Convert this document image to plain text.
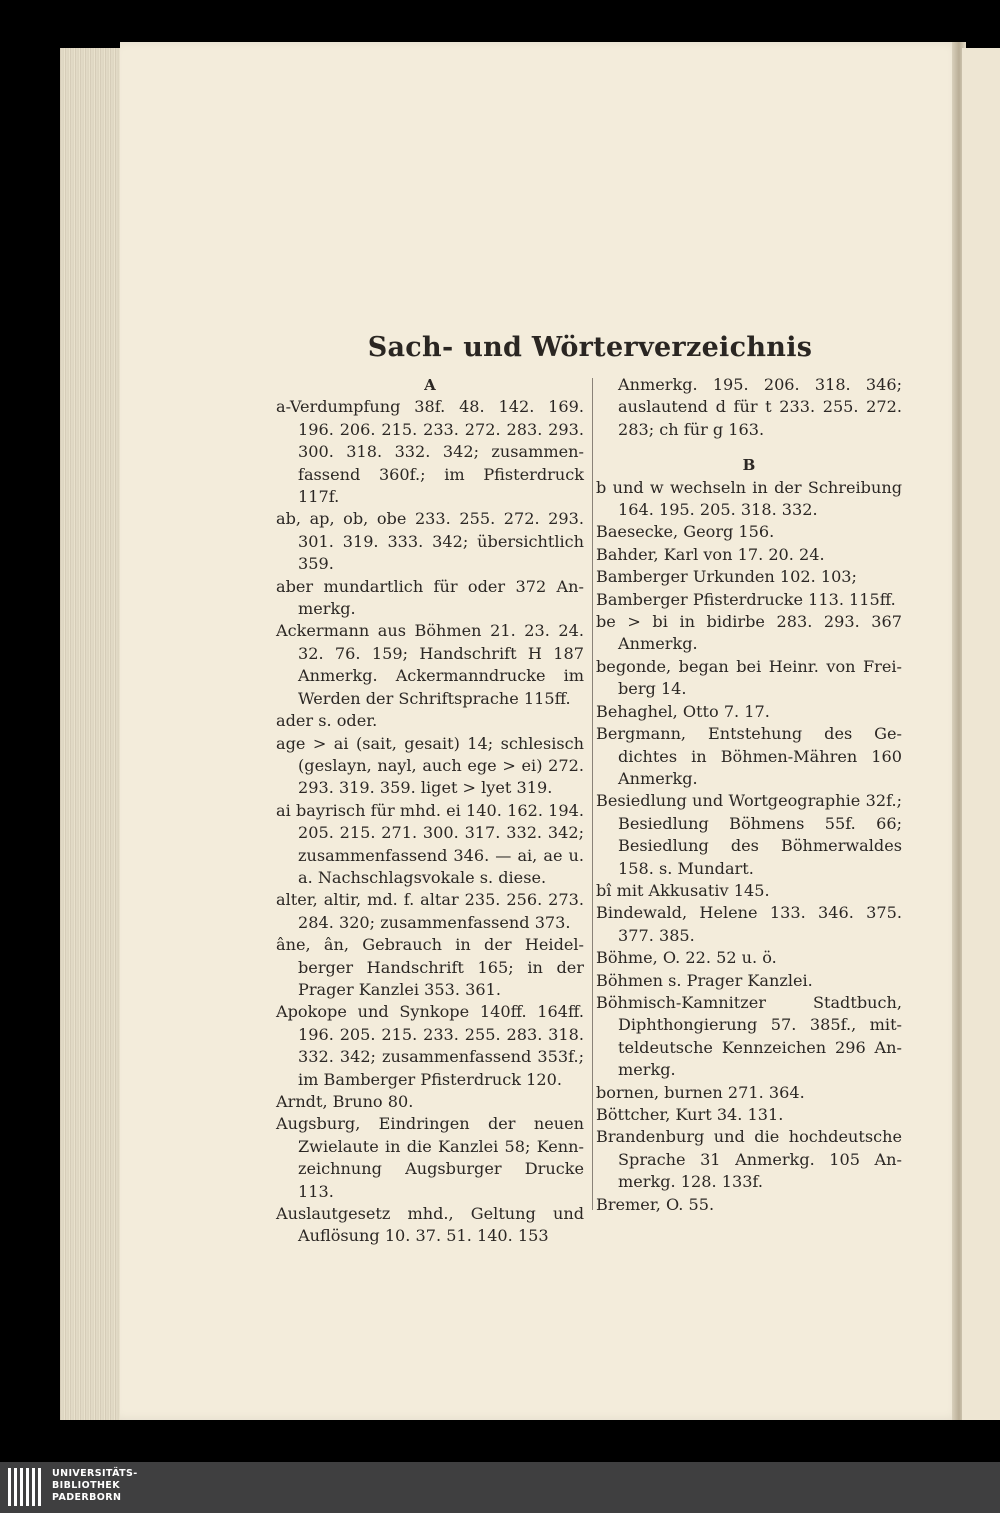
Sach- und Wörterverzeichnis
A
a-Verdumpfung 38f. 48. 142. 169. 196. 206. 215. 233. 272. 283. 293. 300. 318. 332. 342; zusammenfassend 360f.; im Pfisterdruck 117f.
ab, ap, ob, obe 233. 255. 272. 293. 301. 319. 333. 342; übersichtlich 359.
aber mundartlich für oder 372 Anmerkg.
Ackermann aus Böhmen 21. 23. 24. 32. 76. 159; Handschrift H 187 Anmerkg. Ackermanndrucke im Werden der Schriftsprache 115ff.
ader s. oder.
age > ai (sait, gesait) 14; schlesisch (geslayn, nayl, auch ege > ei) 272. 293. 319. 359. liget > lyet 319.
ai bayrisch für mhd. ei 140. 162. 194. 205. 215. 271. 300. 317. 332. 342; zusammenfassend 346. — ai, ae u. a. Nachschlagsvokale s. diese.
alter, altir, md. f. altar 235. 256. 273. 284. 320; zusammenfassend 373.
âne, ân, Gebrauch in der Heidelberger Handschrift 165; in der Prager Kanzlei 353. 361.
Apokope und Synkope 140ff. 164ff. 196. 205. 215. 233. 255. 283. 318. 332. 342; zusammenfassend 353f.; im Bamberger Pfisterdruck 120.
Arndt, Bruno 80.
Augsburg, Eindringen der neuen Zwielaute in die Kanzlei 58; Kennzeichnung Augsburger Drucke 113.
Auslautgesetz mhd., Geltung und Auflösung 10. 37. 51. 140. 153
Anmerkg. 195. 206. 318. 346; auslautend d für t 233. 255. 272. 283; ch für g 163.
B
b und w wechseln in der Schreibung 164. 195. 205. 318. 332.
Baesecke, Georg 156.
Bahder, Karl von 17. 20. 24.
Bamberger Urkunden 102. 103;
Bamberger Pfisterdrucke 113. 115ff.
be > bi in bidirbe 283. 293. 367 Anmerkg.
begonde, began bei Heinr. von Freiberg 14.
Behaghel, Otto 7. 17.
Bergmann, Entstehung des Gedichtes in Böhmen-Mähren 160 Anmerkg.
Besiedlung und Wortgeographie 32f.; Besiedlung Böhmens 55f. 66; Besiedlung des Böhmerwaldes 158. s. Mundart.
bî mit Akkusativ 145.
Bindewald, Helene 133. 346. 375. 377. 385.
Böhme, O. 22. 52 u. ö.
Böhmen s. Prager Kanzlei.
Böhmisch-Kamnitzer Stadtbuch, Diphthongierung 57. 385f., mitteldeutsche Kennzeichen 296 Anmerkg.
bornen, burnen 271. 364.
Böttcher, Kurt 34. 131.
Brandenburg und die hochdeutsche Sprache 31 Anmerkg. 105 Anmerkg. 128. 133f.
Bremer, O. 55.
UNIVERSITÄTS-
BIBLIOTHEK
PADERBORN
